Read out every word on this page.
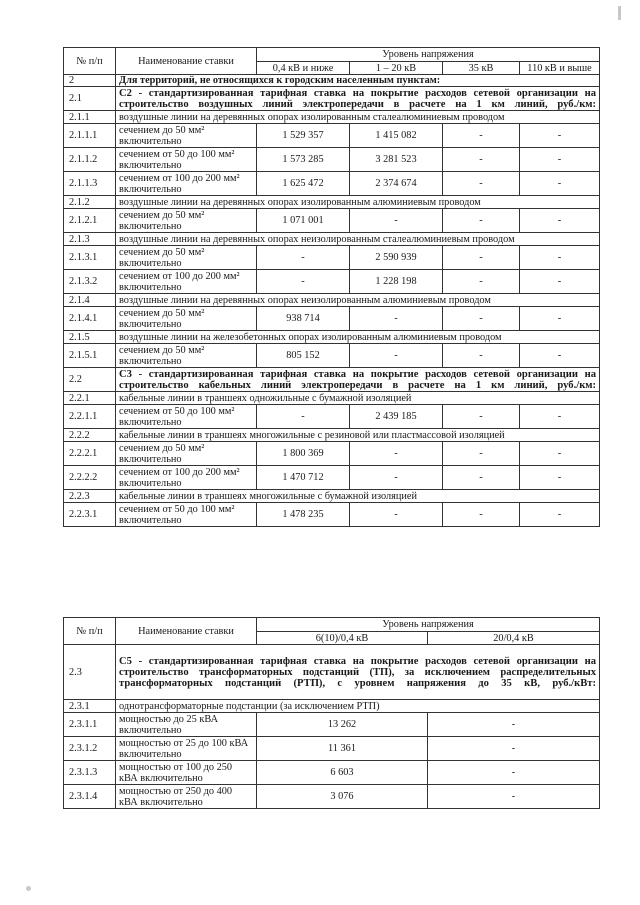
№ п/п	Наименование ставки	Уровень напряжения			
		0,4 кВ и ниже	1 – 20 кВ	35 кВ	110 кВ и выше
2	Для территорий, не относящихся к городским населенным пунктам:				
2.1	С2 - стандартизированная тарифная ставка на покрытие расходов сетевой организации на строительство воздушных линий электропередачи в расчете на 1 км линий, руб./км:				
2.1.1	воздушные линии на деревянных опорах изолированным сталеалюминиевым проводом				
2.1.1.1	сечением до 50 мм² включительно	1 529 357	1 415 082	-	-
2.1.1.2	сечением от 50 до 100 мм² включительно	1 573 285	3 281 523	-	-
2.1.1.3	сечением от 100 до 200 мм² включительно	1 625 472	2 374 674	-	-
2.1.2	воздушные линии на деревянных опорах изолированным алюминиевым проводом				
2.1.2.1	сечением до 50 мм² включительно	1 071 001	-	-	-
2.1.3	воздушные линии на деревянных опорах неизолированным сталеалюминиевым проводом				
2.1.3.1	сечением до 50 мм² включительно	-	2 590 939	-	-
2.1.3.2	сечением от 100 до 200 мм² включительно	-	1 228 198	-	-
2.1.4	воздушные линии на деревянных опорах неизолированным алюминиевым проводом				
2.1.4.1	сечением до 50 мм² включительно	938 714	-	-	-
2.1.5	воздушные линии на железобетонных опорах изолированным алюминиевым проводом				
2.1.5.1	сечением до 50 мм² включительно	805 152	-	-	-
2.2	С3 - стандартизированная тарифная ставка на покрытие расходов сетевой организации на строительство кабельных линий электропередачи в расчете на 1 км линий, руб./км:				
2.2.1	кабельные линии в траншеях одножильные с бумажной изоляцией				
2.2.1.1	сечением от 50 до 100 мм² включительно	-	2 439 185	-	-
2.2.2	кабельные линии в траншеях многожильные с резиновой или пластмассовой изоляцией				
2.2.2.1	сечением до 50 мм² включительно	1 800 369	-	-	-
2.2.2.2	сечением от 100 до 200 мм² включительно	1 470 712	-	-	-
2.2.3	кабельные линии в траншеях многожильные с бумажной изоляцией				
2.2.3.1	сечением от 50 до 100 мм² включительно	1 478 235	-	-	-
№ п/п	Наименование ставки	Уровень напряжения	
		6(10)/0,4 кВ	20/0,4 кВ
2.3	С5 - стандартизированная тарифная ставка на покрытие расходов сетевой организации на строительство трансформаторных подстанций (ТП), за исключением распределительных трансформаторных подстанций (РТП), с уровнем напряжения до 35 кВ, руб./кВт:		
2.3.1	однотрансформаторные подстанции (за исключением РТП)		
2.3.1.1	мощностью до 25 кВА включительно	13 262	-
2.3.1.2	мощностью от 25 до 100 кВА включительно	11 361	-
2.3.1.3	мощностью от 100 до 250 кВА включительно	6 603	-
2.3.1.4	мощностью от 250 до 400 кВА включительно	3 076	-
